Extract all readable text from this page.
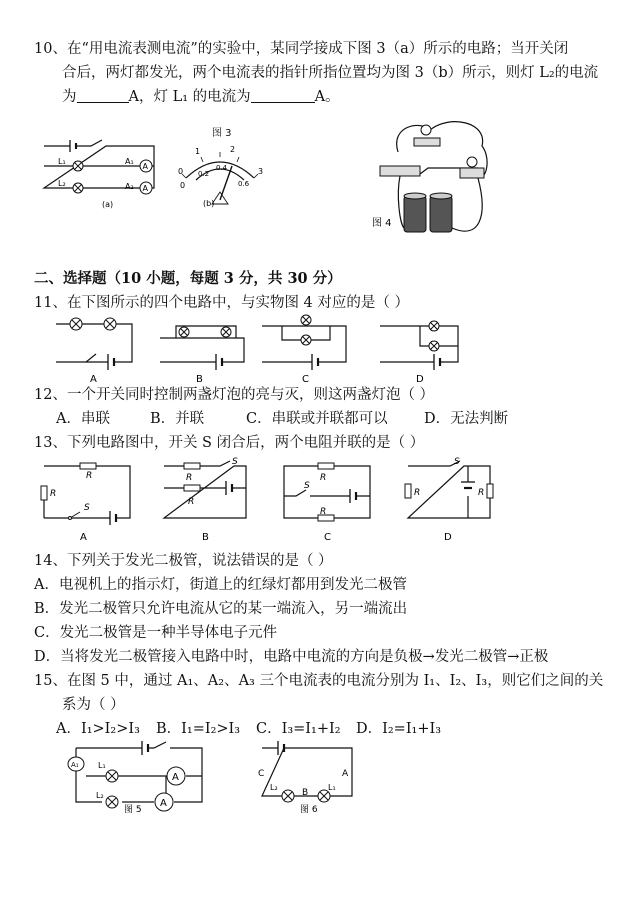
10、在“用电流表测电流”的实验中，某同学接成下图 3（a）所示的电路；当开关闭
合后，两灯都发光，两个电流表的指针所指位置均为图 3（b）所示，则灯 L₂的电流
为	A，灯 L₁ 的电流为	A。
图 3
A
A
L₁
L₂
A₁
A₂
(a)
0
1	2
3
0
0.2
0.4
0.6
(b)
图 4
二、选择题（10 小题，每题 3 分，共 30 分）
11、在下图所示的四个电路中，与实物图 4 对应的是（ ）
A	B	C	D
12、一个开关同时控制两盏灯泡的亮与灭，则这两盏灯泡（ ）
A．串联	B．并联	C．串联或并联都可以	D．无法判断
13、下列电路图中，开关 S 闭合后，两个电阻并联的是（ ）
R
R
S
R
R
S
R
R
S
R	R
S
A	B	C	D
14、下列关于发光二极管，说法错误的是（ ）
A．电视机上的指示灯，街道上的红绿灯都用到发光二极管
B．发光二极管只允许电流从它的某一端流入，另一端流出
C．发光二极管是一种半导体电子元件
D．当将发光二极管接入电路中时，电路中电流的方向是负极→发光二极管→正极
15、在图 5 中，通过 A₁、A₂、A₃ 三个电流表的电流分别为 I₁、I₂、I₃，则它们之间的关
系为（ ）
A．I₁>I₂>I₃ B．I₁=I₂>I₃ C．I₃=I₁+I₂ D．I₂=I₁+I₃
A₁
A
A
L₁
L₂
图 5
C	A
B
L₂	L₁
图 6
